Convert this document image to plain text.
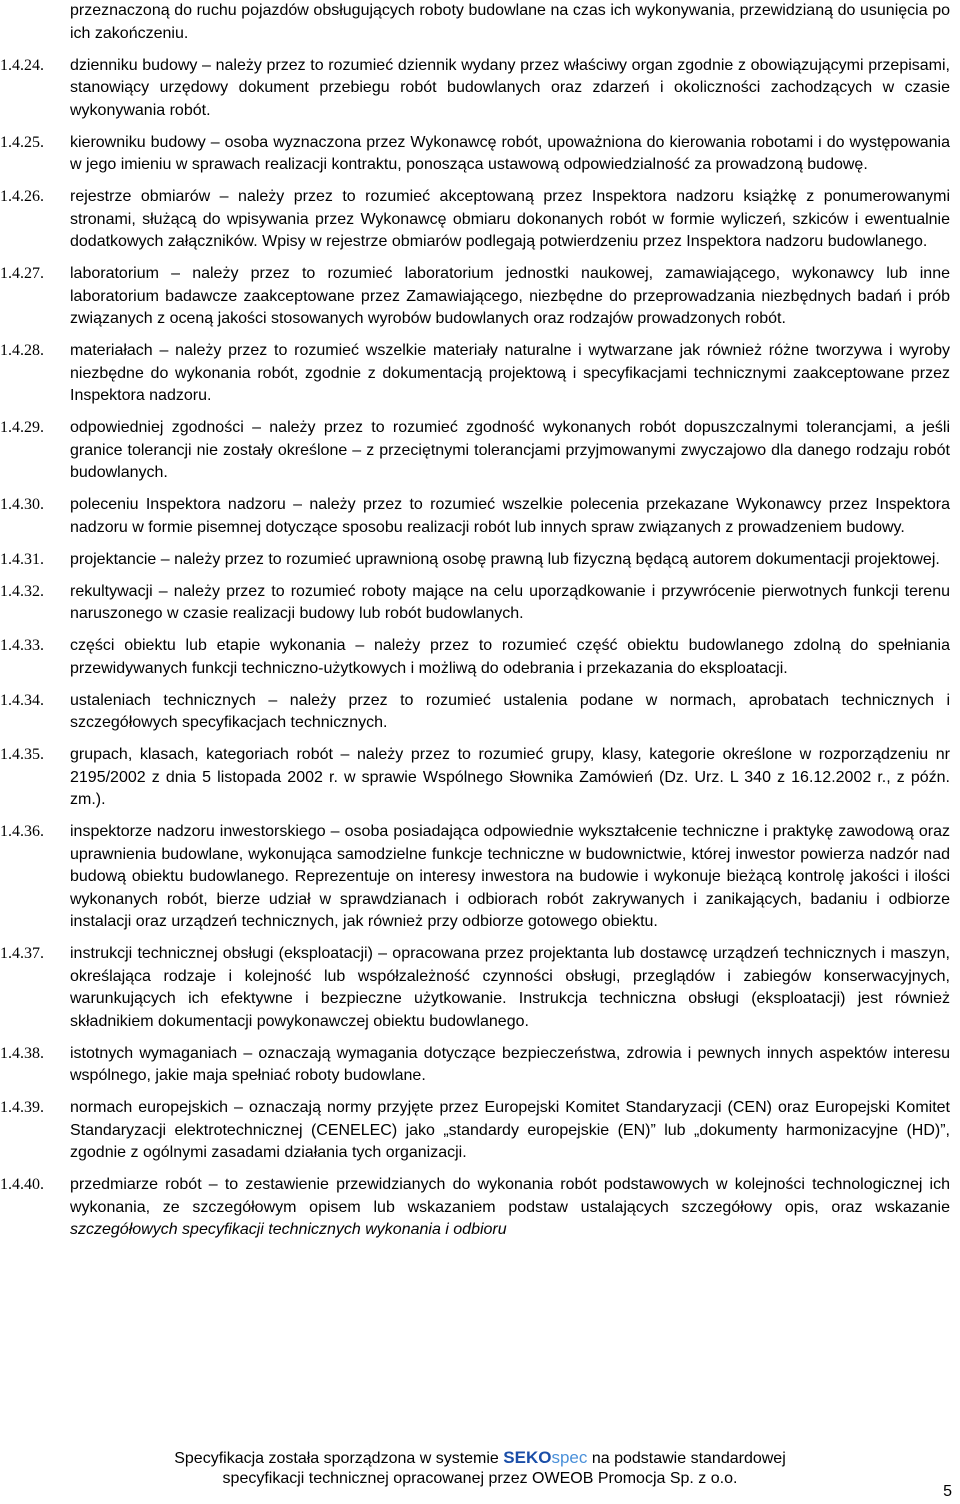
przeznaczoną do ruchu pojazdów obsługujących roboty budowlane na czas ich wykonywania, przewidzianą do usunięcia po ich zakończeniu.
1.4.24.	dzienniku budowy – należy przez to rozumieć dziennik wydany przez właściwy organ zgodnie z obowiązującymi przepisami, stanowiący urzędowy dokument przebiegu robót budowlanych oraz zdarzeń i okoliczności zachodzących w czasie wykonywania robót.
1.4.25.	kierowniku budowy – osoba wyznaczona przez Wykonawcę robót, upoważniona do kierowania robotami i do występowania w jego imieniu w sprawach realizacji kontraktu, ponosząca ustawową odpowiedzialność za prowadzoną budowę.
1.4.26.	rejestrze obmiarów – należy przez to rozumieć akceptowaną przez Inspektora nadzoru książkę z ponumerowanymi stronami, służącą do wpisywania przez Wykonawcę obmiaru dokonanych robót w formie wyliczeń, szkiców i ewentualnie dodatkowych załączników. Wpisy w rejestrze obmiarów podlegają potwierdzeniu przez Inspektora nadzoru budowlanego.
1.4.27.	laboratorium – należy przez to rozumieć laboratorium jednostki naukowej, zamawiającego, wykonawcy lub inne laboratorium badawcze zaakceptowane przez Zamawiającego, niezbędne do przeprowadzania niezbędnych badań i prób związanych z oceną jakości stosowanych wyrobów budowlanych oraz rodzajów prowadzonych robót.
1.4.28.	materiałach – należy przez to rozumieć wszelkie materiały naturalne i wytwarzane jak również różne tworzywa i wyroby niezbędne do wykonania robót, zgodnie z dokumentacją projektową i specyfikacjami technicznymi zaakceptowane przez Inspektora nadzoru.
1.4.29.	odpowiedniej zgodności – należy przez to rozumieć zgodność wykonanych robót dopuszczalnymi tolerancjami, a jeśli granice tolerancji nie zostały określone – z przeciętnymi tolerancjami przyjmowanymi zwyczajowo dla danego rodzaju robót budowlanych.
1.4.30.	poleceniu Inspektora nadzoru – należy przez to rozumieć wszelkie polecenia przekazane Wykonawcy przez Inspektora nadzoru w formie pisemnej dotyczące sposobu realizacji robót lub innych spraw związanych z prowadzeniem budowy.
1.4.31.	projektancie – należy przez to rozumieć uprawnioną osobę prawną lub fizyczną będącą autorem dokumentacji projektowej.
1.4.32.	rekultywacji – należy przez to rozumieć roboty mające na celu uporządkowanie i przywrócenie pierwotnych funkcji terenu naruszonego w czasie realizacji budowy lub robót budowlanych.
1.4.33.	części obiektu lub etapie wykonania – należy przez to rozumieć część obiektu budowlanego zdolną do spełniania przewidywanych funkcji techniczno-użytkowych i możliwą do odebrania i przekazania do eksploatacji.
1.4.34.	ustaleniach technicznych – należy przez to rozumieć ustalenia podane w normach, aprobatach technicznych i szczegółowych specyfikacjach technicznych.
1.4.35.	grupach, klasach, kategoriach robót – należy przez to rozumieć grupy, klasy, kategorie określone w rozporządzeniu nr 2195/2002 z dnia 5 listopada 2002 r. w sprawie Wspólnego Słownika Zamówień (Dz. Urz. L 340 z 16.12.2002 r., z późn. zm.).
1.4.36.	inspektorze nadzoru inwestorskiego – osoba posiadająca odpowiednie wykształcenie techniczne i praktykę zawodową oraz uprawnienia budowlane, wykonująca samodzielne funkcje techniczne w budownictwie, której inwestor powierza nadzór nad budową obiektu budowlanego. Reprezentuje on interesy inwestora na budowie i wykonuje bieżącą kontrolę jakości i ilości wykonanych robót, bierze udział w sprawdzianach i odbiorach robót zakrywanych i zanikających, badaniu i odbiorze instalacji oraz urządzeń technicznych, jak również przy odbiorze gotowego obiektu.
1.4.37.	instrukcji technicznej obsługi (eksploatacji) – opracowana przez projektanta lub dostawcę urządzeń technicznych i maszyn, określająca rodzaje i kolejność lub współzależność czynności obsługi, przeglądów i zabiegów konserwacyjnych, warunkujących ich efektywne i bezpieczne użytkowanie. Instrukcja techniczna obsługi (eksploatacji) jest również składnikiem dokumentacji powykonawczej obiektu budowlanego.
1.4.38.	istotnych wymaganiach – oznaczają wymagania dotyczące bezpieczeństwa, zdrowia i pewnych innych aspektów interesu wspólnego, jakie maja spełniać roboty budowlane.
1.4.39.	normach europejskich – oznaczają normy przyjęte przez Europejski Komitet Standaryzacji (CEN) oraz Europejski Komitet Standaryzacji elektrotechnicznej (CENELEC) jako „standardy europejskie (EN)” lub „dokumenty harmonizacyjne (HD)”, zgodnie z ogólnymi zasadami działania tych organizacji.
1.4.40.	przedmiarze robót – to zestawienie przewidzianych do wykonania robót podstawowych w kolejności technologicznej ich wykonania, ze szczegółowym opisem lub wskazaniem podstaw ustalających szczegółowy opis, oraz wskazanie szczegółowych specyfikacji technicznych wykonania i odbioru
Specyfikacja została sporządzona w systemie SEKOspec na podstawie standardowej
specyfikacji technicznej opracowanej przez OWEOB Promocja Sp. z o.o.
5
